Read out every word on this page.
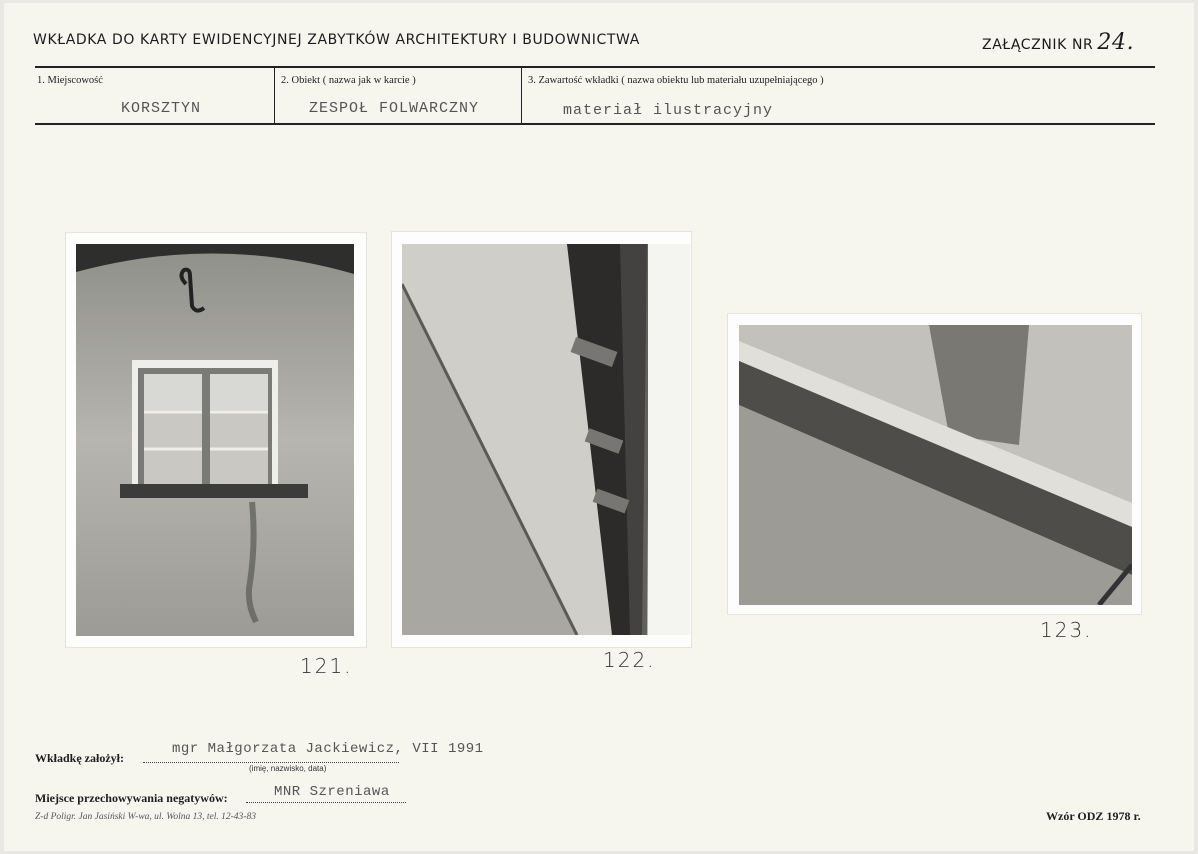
WKŁADKA DO KARTY EWIDENCYJNEJ ZABYTKÓW ARCHITEKTURY I BUDOWNICTWA	ZAŁĄCZNIK NR 24.
1. Miejscowość
KORSZTYN
2. Obiekt ( nazwa jak w karcie )
ZESPOŁ FOLWARCZNY
3. Zawartość wkładki ( nazwa obiektu lub materiału uzupełniającego )
materiał ilustracyjny
121.	122.
123.
Wkładkę założył:
mgr Małgorzata Jackiewicz, VII 1991
(imię, nazwisko, data)
Miejsce przechowywania negatywów:	MNR Szreniawa
Z-d Poligr. Jan Jasiński W-wa, ul. Wolna 13, tel. 12-43-83	Wzór ODZ 1978 r.
